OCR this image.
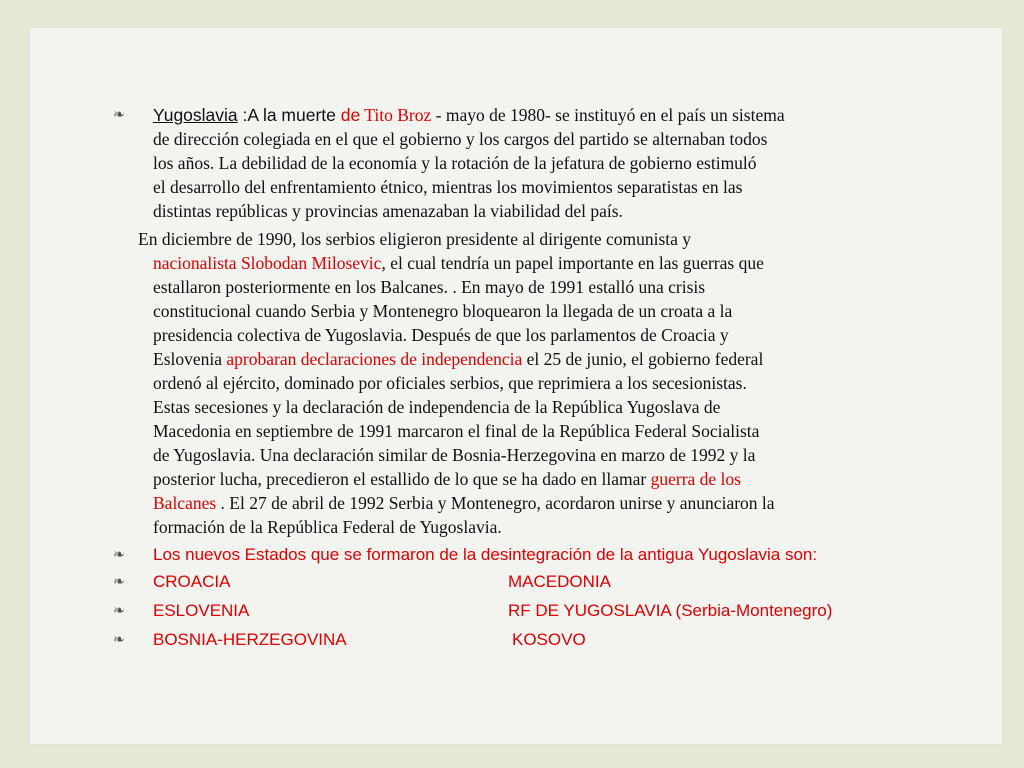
❧ Yugoslavia :A la muerte de Tito Broz - mayo de 1980- se instituyó en el país un sistema
de dirección colegiada en el que el gobierno y los cargos del partido se alternaban todos
los años. La debilidad de la economía y la rotación de la jefatura de gobierno estimuló
el desarrollo del enfrentamiento étnico, mientras los movimientos separatistas en las
distintas repúblicas y provincias amenazaban la viabilidad del país.
En diciembre de 1990, los serbios eligieron presidente al dirigente comunista y
nacionalista Slobodan Milosevic, el cual tendría un papel importante en las guerras que
estallaron posteriormente en los Balcanes. . En mayo de 1991 estalló una crisis
constitucional cuando Serbia y Montenegro bloquearon la llegada de un croata a la
presidencia colectiva de Yugoslavia. Después de que los parlamentos de Croacia y
Eslovenia aprobaran declaraciones de independencia el 25 de junio, el gobierno federal
ordenó al ejército, dominado por oficiales serbios, que reprimiera a los secesionistas.
Estas secesiones y la declaración de independencia de la República Yugoslava de
Macedonia en septiembre de 1991 marcaron el final de la República Federal Socialista
de Yugoslavia. Una declaración similar de Bosnia-Herzegovina en marzo de 1992 y la
posterior lucha, precedieron el estallido de lo que se ha dado en llamar guerra de los
Balcanes . El 27 de abril de 1992 Serbia y Montenegro, acordaron unirse y anunciaron la
formación de la República Federal de Yugoslavia.
❧ Los nuevos Estados que se formaron de la desintegración de la antigua Yugoslavia son:
❧ CROACIA	MACEDONIA
❧ ESLOVENIA	RF DE YUGOSLAVIA (Serbia-Montenegro)
❧ BOSNIA-HERZEGOVINA	KOSOVO
